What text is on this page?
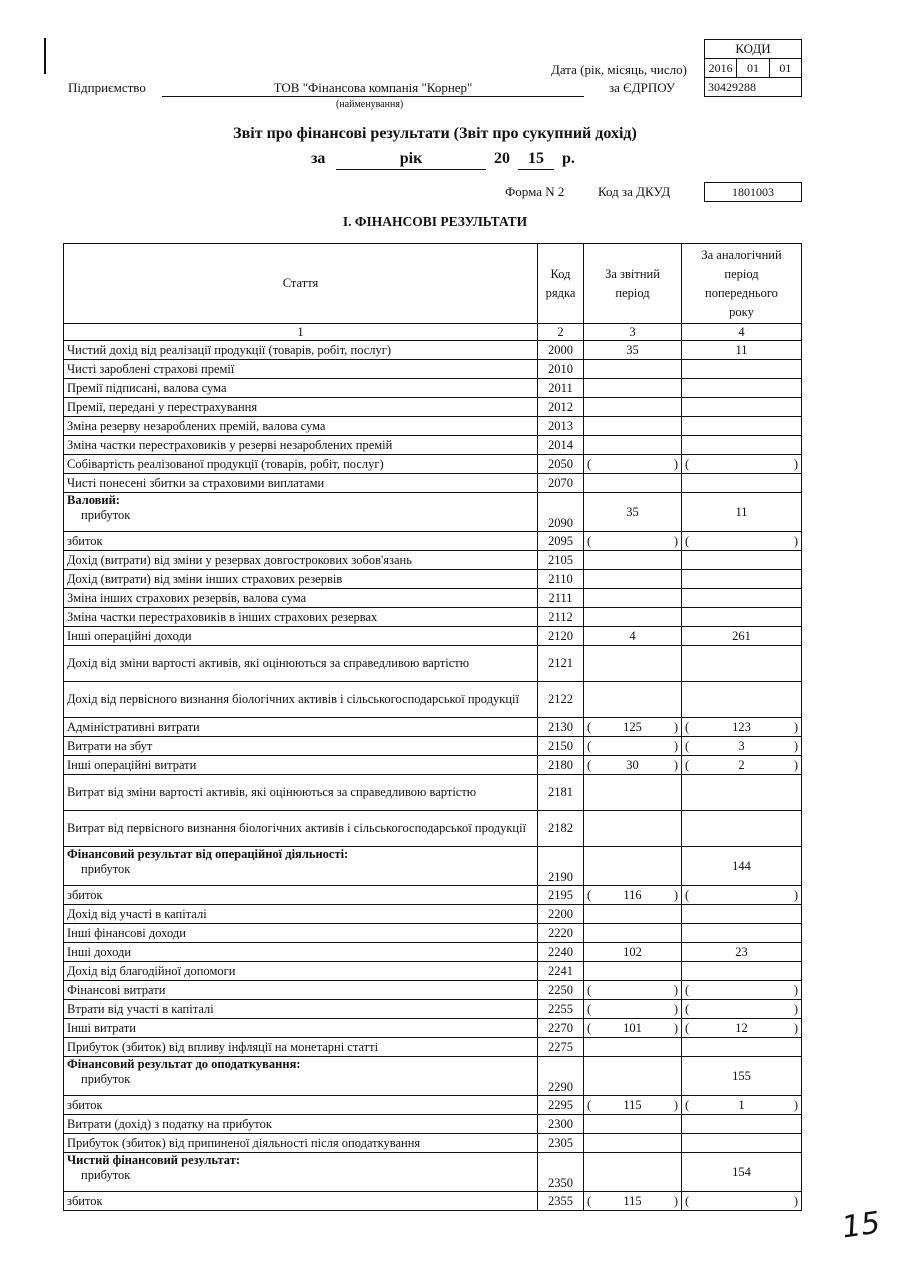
КОДИ
2016	01	01
30429288
Дата (рік, місяць, число)
Підприємство	ТОВ "Фінансова компанія "Корнер"
(найменування)
за ЄДРПОУ
Звіт про фінансові результати (Звіт про сукупний дохід)
за	рік	20	15	р.
Форма N 2	Код за ДКУД	1801003
І. ФІНАНСОВІ РЕЗУЛЬТАТИ
Стаття	Код рядка	За звітний період	За аналогічний період попереднього року
1	2	3	4
Чистий дохід від реалізації продукції (товарів, робіт, послуг)	2000	35	11
Чисті зароблені страхові премії	2010		
Премії підписані, валова сума	2011		
Премії, передані у перестрахування	2012		
Зміна резерву незароблених премій, валова сума	2013		
Зміна частки перестраховиків у резерві незароблених премій	2014		
Собівартість реалізованої продукції (товарів, робіт, послуг)	2050	( )	( )

Чисті понесені збитки за страховими виплатами	2070		

Валовий:
прибуток	2090	35	11
збиток	2095	( )	( )

Дохід (витрати) від зміни у резервах довгострокових зобов'язань	2105		
Дохід (витрати) від зміни інших страхових резервів	2110		
Зміна інших страхових резервів, валова сума	2111		
Зміна частки перестраховиків в інших страхових резервах	2112		
Інші операційні доходи	2120	4	261
Дохід від зміни вартості активів, які оцінюються за справедливою вартістю	2121		
Дохід від первісного визнання біологічних активів і сільськогосподарської продукції	2122		
Адміністративні витрати	2130	( 125 )	( 123 )

Витрати на збут	2150	( )	( 3 )

Інші операційні витрати	2180	( 30 )	( 2 )

Витрат від зміни вартості активів, які оцінюються за справедливою вартістю	2181		
Витрат від первісного визнання біологічних активів і сільськогосподарської продукції	2182		

Фінансовий результат від операційної діяльності:
прибуток	2190		144
збиток	2195	( 116 )	( )

Дохід від участі в капіталі	2200		
Інші фінансові доходи	2220		
Інші доходи	2240	102	23
Дохід від благодійної допомоги	2241		
Фінансові витрати	2250	( )	( )

Втрати від участі в капіталі	2255	( )	( )

Інші витрати	2270	( 101 )	( 12 )

Прибуток (збиток) від впливу інфляції на монетарні статті	2275		

Фінансовий результат до оподаткування:
прибуток	2290		155
збиток	2295	( 115 )	( 1 )

Витрати (дохід) з податку на прибуток	2300		
Прибуток (збиток) від припиненої діяльності після оподаткування	2305		

Чистий фінансовий результат:
прибуток	2350		154
збиток	2355	( 115 )	( )
15
